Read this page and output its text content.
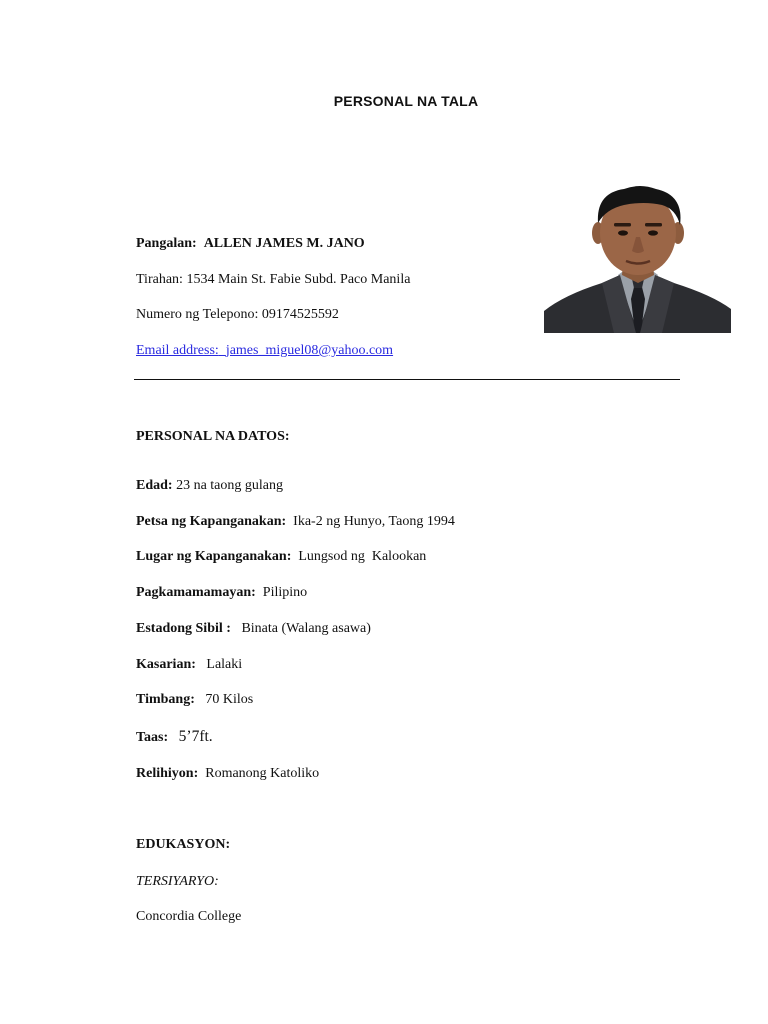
PERSONAL NA TALA
Pangalan: ALLEN JAMES M. JANO
Tirahan: 1534 Main St. Fabie Subd. Paco Manila
Numero ng Telepono: 09174525592
Email address: james_miguel08@yahoo.com
PERSONAL NA DATOS:
Edad: 23 na taong gulang
Petsa ng Kapanganakan: Ika-2 ng Hunyo, Taong 1994
Lugar ng Kapanganakan: Lungsod ng  Kalookan
Pagkamamamayan: Pilipino
Estadong Sibil : Binata (Walang asawa)
Kasarian: Lalaki
Timbang: 70 Kilos
Taas: 5’7ft.
Relihiyon: Romanong Katoliko
EDUKASYON:
TERSIYARYO:
Concordia College
